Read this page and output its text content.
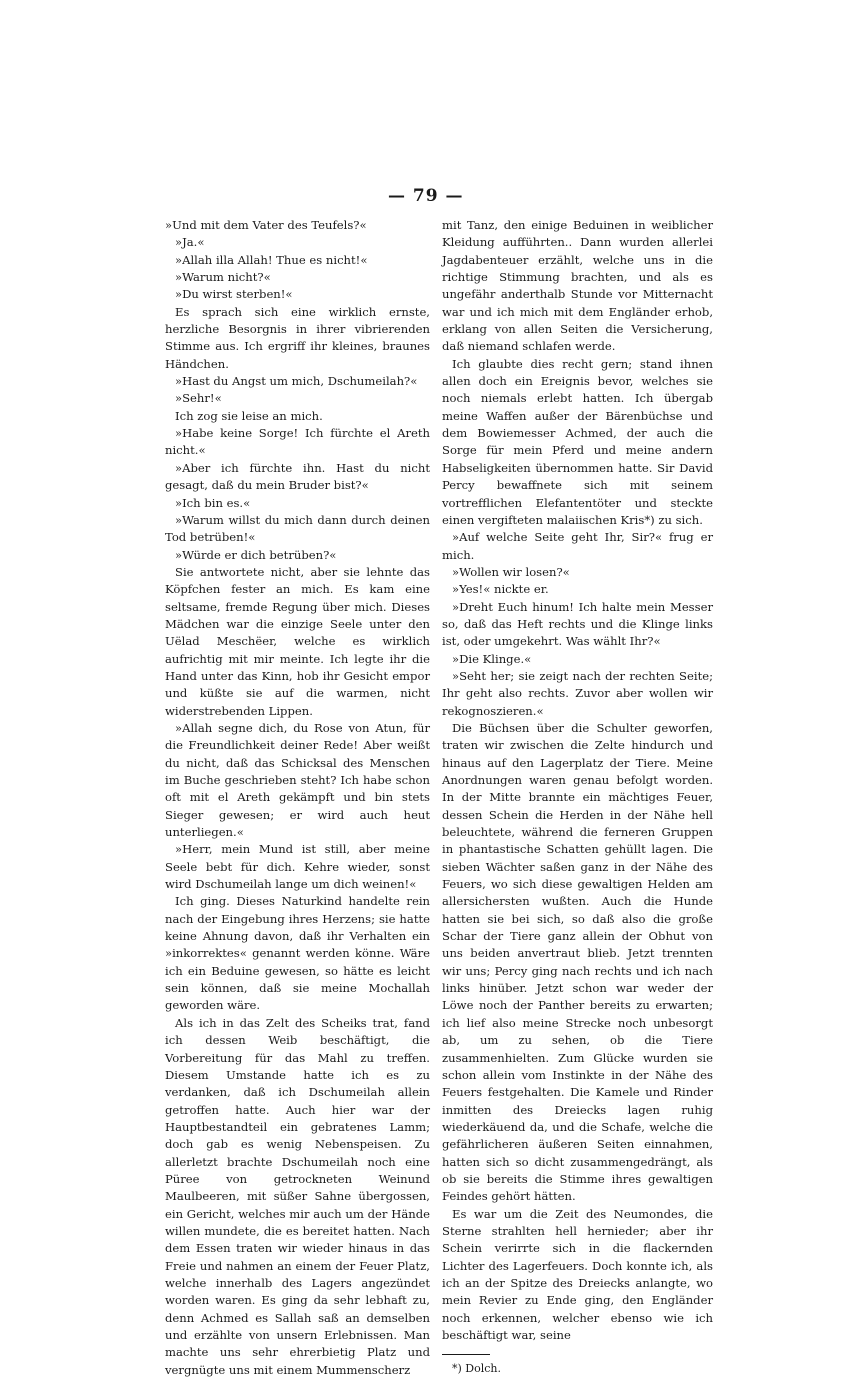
— 79 —

»Und mit dem Vater des Teufels?«

»Ja.«

»Allah illa Allah! Thue es nicht!«

»Warum nicht?«

»Du wirst sterben!«

Es sprach sich eine wirklich ernste, herzliche Besorgnis in ihrer vibrierenden Stimme aus. Ich ergriff ihr kleines, braunes Händchen.

»Hast du Angst um mich, Dschumeilah?«

»Sehr!«

Ich zog sie leise an mich.

»Habe keine Sorge! Ich fürchte el Areth nicht.«

»Aber ich fürchte ihn. Hast du nicht gesagt, daß du mein Bruder bist?«

»Ich bin es.«

»Warum willst du mich dann durch deinen Tod betrüben!«

»Würde er dich betrüben?«

Sie antwortete nicht, aber sie lehnte das Köpfchen fester an mich. Es kam eine seltsame, fremde Regung über mich. Dieses Mädchen war die einzige Seele unter den Uëlad Meschëer, welche es wirklich aufrichtig mit mir meinte. Ich legte ihr die Hand unter das Kinn, hob ihr Gesicht empor und küßte sie auf die warmen, nicht widerstrebenden Lippen.

»Allah segne dich, du Rose von Atun, für die Freundlichkeit deiner Rede! Aber weißt du nicht, daß das Schicksal des Menschen im Buche geschrieben steht? Ich habe schon oft mit el Areth gekämpft und bin stets Sieger gewesen; er wird auch heut unterliegen.«

»Herr, mein Mund ist still, aber meine Seele bebt für dich. Kehre wieder, sonst wird Dschumeilah lange um dich weinen!«

Ich ging. Dieses Naturkind handelte rein nach der Eingebung ihres Herzens; sie hatte keine Ahnung davon, daß ihr Verhalten ein »inkorrektes« genannt werden könne. Wäre ich ein Beduine gewesen, so hätte es leicht sein können, daß sie meine Mochallah geworden wäre.

Als ich in das Zelt des Scheiks trat, fand ich dessen Weib beschäftigt, die Vorbereitung für das Mahl zu treffen. Diesem Umstande hatte ich es zu verdanken, daß ich Dschumeilah allein getroffen hatte. Auch hier war der Hauptbestandteil ein gebratenes Lamm; doch gab es wenig Nebenspeisen. Zu allerletzt brachte Dschumeilah noch eine Püree von getrockneten Weinund Maulbeeren, mit süßer Sahne übergossen, ein Gericht, welches mir auch um der Hände willen mundete, die es bereitet hatten. Nach dem Essen traten wir wieder hinaus in das Freie und nahmen an einem der Feuer Platz, welche innerhalb des Lagers angezündet worden waren. Es ging da sehr lebhaft zu, denn Achmed es Sallah saß an demselben und erzählte von unsern Erlebnissen. Man machte uns sehr ehrerbietig Platz und vergnügte uns mit einem Mummenscherz

mit Tanz, den einige Beduinen in weiblicher Kleidung aufführten.. Dann wurden allerlei Jagdabenteuer erzählt, welche uns in die richtige Stimmung brachten, und als es ungefähr anderthalb Stunde vor Mitternacht war und ich mich mit dem Engländer erhob, erklang von allen Seiten die Versicherung, daß niemand schlafen werde.

Ich glaubte dies recht gern; stand ihnen allen doch ein Ereignis bevor, welches sie noch niemals erlebt hatten. Ich übergab meine Waffen außer der Bärenbüchse und dem Bowiemesser Achmed, der auch die Sorge für mein Pferd und meine andern Habseligkeiten übernommen hatte. Sir David Percy bewaffnete sich mit seinem vortrefflichen Elefantentöter und steckte einen vergifteten malaiischen Kris*) zu sich.

»Auf welche Seite geht Ihr, Sir?« frug er mich.

»Wollen wir losen?«

»Yes!« nickte er.

»Dreht Euch hinum! Ich halte mein Messer so, daß das Heft rechts und die Klinge links ist, oder umgekehrt. Was wählt Ihr?«

»Die Klinge.«

»Seht her; sie zeigt nach der rechten Seite; Ihr geht also rechts. Zuvor aber wollen wir rekognoszieren.«

Die Büchsen über die Schulter geworfen, traten wir zwischen die Zelte hindurch und hinaus auf den Lagerplatz der Tiere. Meine Anordnungen waren genau befolgt worden. In der Mitte brannte ein mächtiges Feuer, dessen Schein die Herden in der Nähe hell beleuchtete, während die ferneren Gruppen in phantastische Schatten gehüllt lagen. Die sieben Wächter saßen ganz in der Nähe des Feuers, wo sich diese gewaltigen Helden am allersichersten wußten. Auch die Hunde hatten sie bei sich, so daß also die große Schar der Tiere ganz allein der Obhut von uns beiden anvertraut blieb. Jetzt trennten wir uns; Percy ging nach rechts und ich nach links hinüber. Jetzt schon war weder der Löwe noch der Panther bereits zu erwarten; ich lief also meine Strecke noch unbesorgt ab, um zu sehen, ob die Tiere zusammenhielten. Zum Glücke wurden sie schon allein vom Instinkte in der Nähe des Feuers festgehalten. Die Kamele und Rinder inmitten des Dreiecks lagen ruhig wiederkäuend da, und die Schafe, welche die gefährlicheren äußeren Seiten einnahmen, hatten sich so dicht zusammengedrängt, als ob sie bereits die Stimme ihres gewaltigen Feindes gehört hätten.

Es war um die Zeit des Neumondes, die Sterne strahlten hell hernieder; aber ihr Schein verirrte sich in die flackernden Lichter des Lagerfeuers. Doch konnte ich, als ich an der Spitze des Dreiecks anlangte, wo mein Revier zu Ende ging, den Engländer noch erkennen, welcher ebenso wie ich beschäftigt war, seine

*) Dolch.
